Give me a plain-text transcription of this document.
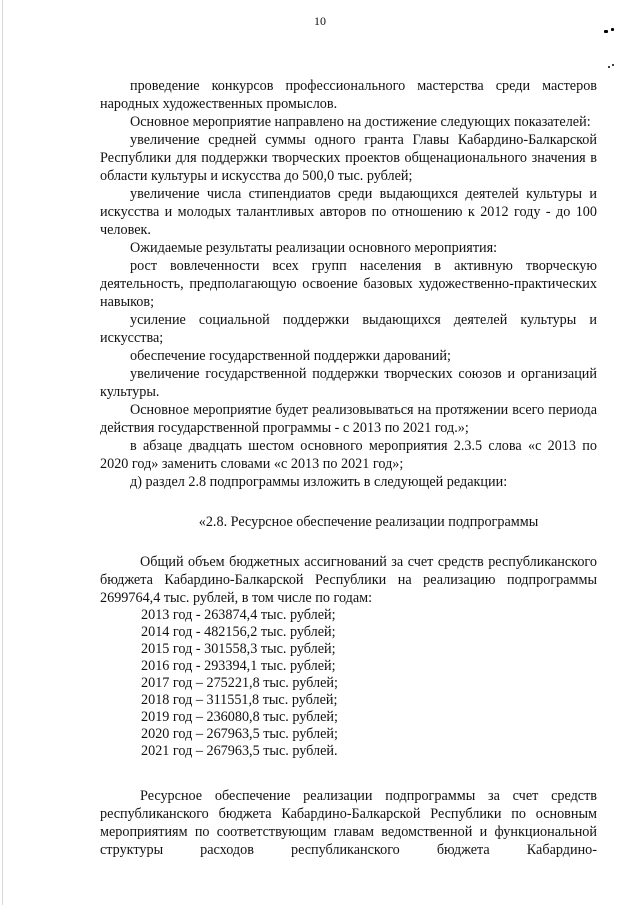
10

проведение конкурсов профессионального мастерства среди мастеров народных художественных промыслов.

Основное мероприятие направлено на достижение следующих показателей:

увеличение средней суммы одного гранта Главы Кабардино-Балкарской Республики для поддержки творческих проектов общенационального значения в области культуры и искусства до 500,0 тыс. рублей;

увеличение числа стипендиатов среди выдающихся деятелей культуры и искусства и молодых талантливых авторов по отношению к 2012 году - до 100 человек.

Ожидаемые результаты реализации основного мероприятия:

рост вовлеченности всех групп населения в активную творческую деятельность, предполагающую освоение базовых художественно-практических навыков;

усиление социальной поддержки выдающихся деятелей культуры и искусства;

обеспечение государственной поддержки дарований;

увеличение государственной поддержки творческих союзов и организаций культуры.

Основное мероприятие будет реализовываться на протяжении всего периода действия государственной программы - с 2013 по 2021 год.»;

в абзаце двадцать шестом основного мероприятия 2.3.5 слова «с 2013 по 2020 год» заменить словами «с 2013 по 2021 год»;

д) раздел 2.8 подпрограммы изложить в следующей редакции:

«2.8. Ресурсное обеспечение реализации подпрограммы

Общий объем бюджетных ассигнований за счет средств республиканского бюджета Кабардино-Балкарской Республики на реализацию подпрограммы 2699764,4 тыс. рублей, в том числе по годам:

2013 год - 263874,4 тыс. рублей;

2014 год - 482156,2 тыс. рублей;

2015 год - 301558,3 тыс. рублей;

2016 год - 293394,1 тыс. рублей;

2017 год – 275221,8 тыс. рублей;

2018 год – 311551,8 тыс. рублей;

2019 год – 236080,8 тыс. рублей;

2020 год – 267963,5 тыс. рублей;

2021 год – 267963,5 тыс. рублей.

Ресурсное обеспечение реализации подпрограммы за счет средств республиканского бюджета Кабардино-Балкарской Республики по основным мероприятиям по соответствующим главам ведомственной и функциональной структуры расходов республиканского бюджета Кабардино-
